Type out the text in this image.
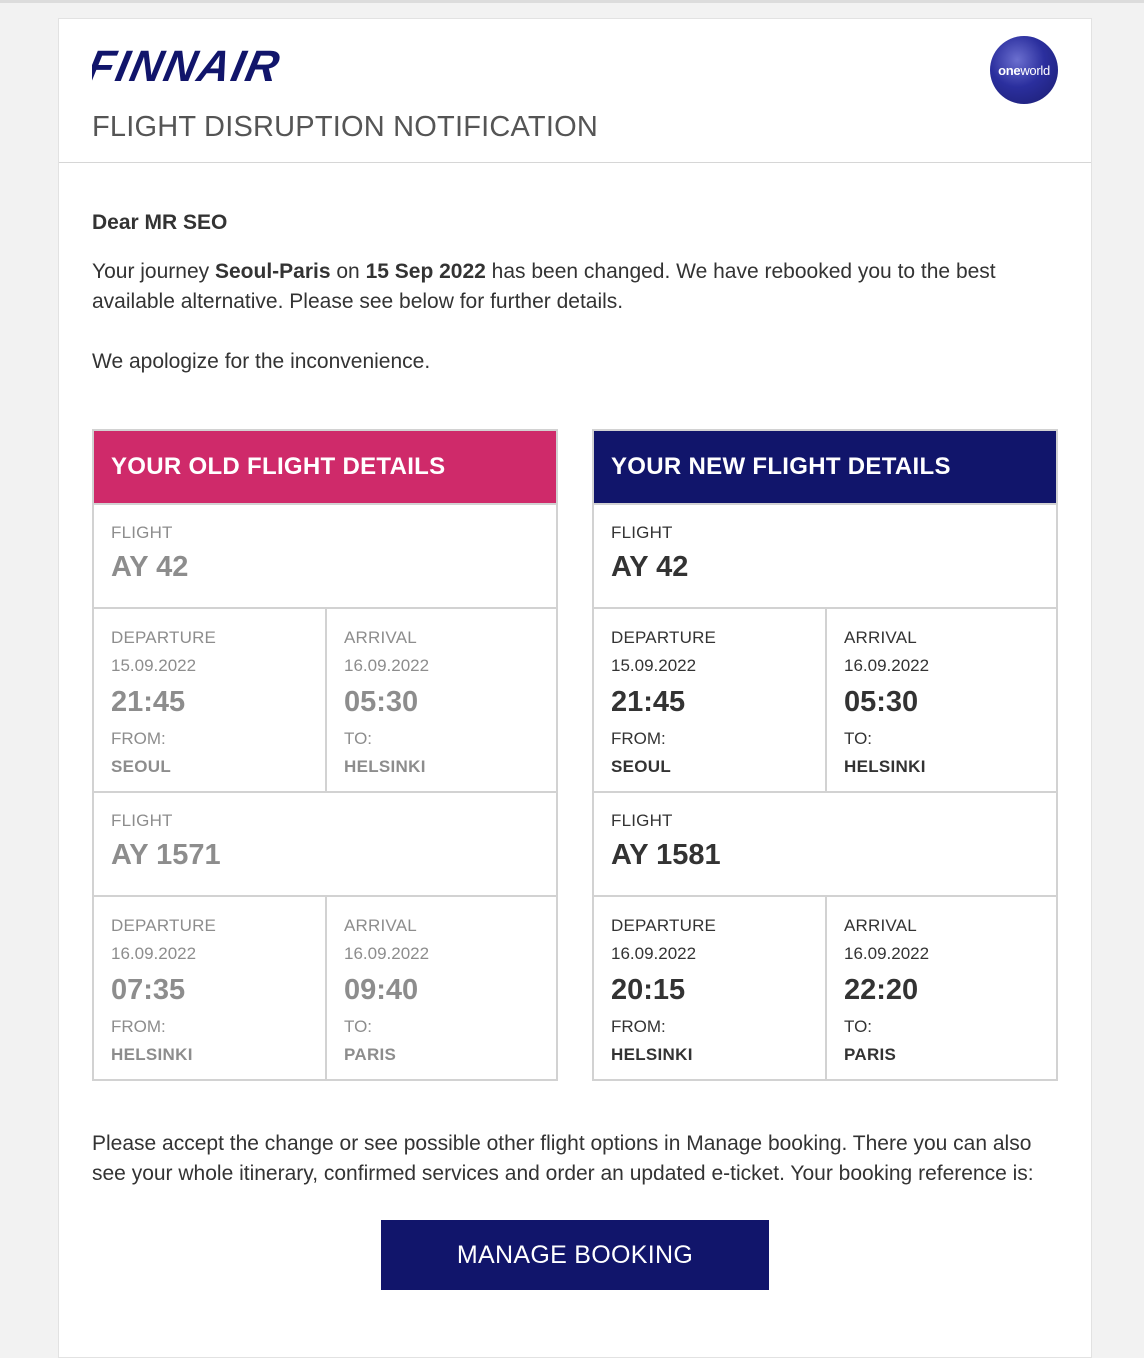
FINNAIR
FLIGHT DISRUPTION NOTIFICATION
oneworld

Dear MR SEO

Your journey Seoul-Paris on 15 Sep 2022 has been changed. We have rebooked you to the best available alternative. Please see below for further details.

We apologize for the inconvenience.

YOUR OLD FLIGHT DETAILS
FLIGHT
AY 42
DEPARTURE
15.09.2022
21:45
FROM:
SEOUL
ARRIVAL
16.09.2022
05:30
TO:
HELSINKI
FLIGHT
AY 1571
DEPARTURE
16.09.2022
07:35
FROM:
HELSINKI
ARRIVAL
16.09.2022
09:40
TO:
PARIS
YOUR NEW FLIGHT DETAILS
FLIGHT
AY 42
DEPARTURE
15.09.2022
21:45
FROM:
SEOUL
ARRIVAL
16.09.2022
05:30
TO:
HELSINKI
FLIGHT
AY 1581
DEPARTURE
16.09.2022
20:15
FROM:
HELSINKI
ARRIVAL
16.09.2022
22:20
TO:
PARIS

Please accept the change or see possible other flight options in Manage booking. There you can also see your whole itinerary, confirmed services and order an updated e-ticket. Your booking reference is:

MANAGE BOOKING
